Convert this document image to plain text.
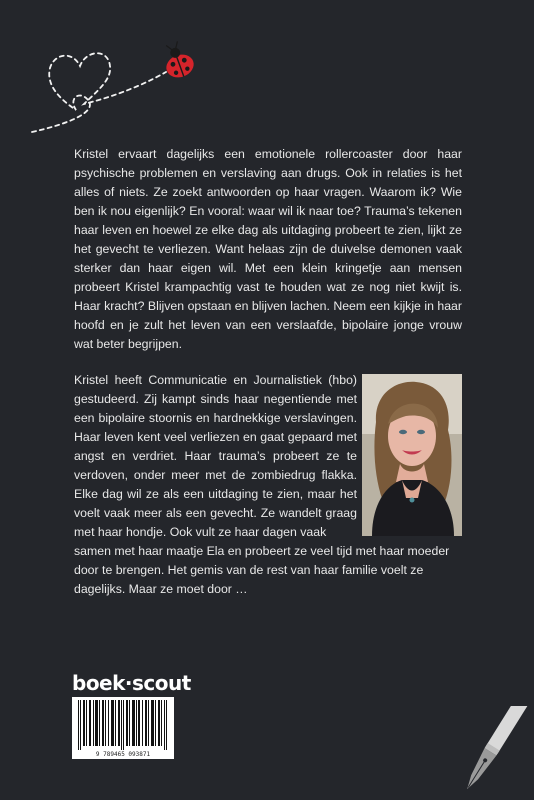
Kristel ervaart dagelijks een emotionele rollercoaster door haar psychische problemen en verslaving aan drugs. Ook in relaties is het alles of niets. Ze zoekt antwoorden op haar vragen. Waarom ik? Wie ben ik nou eigenlijk? En vooral: waar wil ik naar toe? Trauma’s tekenen haar leven en hoewel ze elke dag als uitdaging probeert te zien, lijkt ze het gevecht te verliezen. Want helaas zijn de duivelse demonen vaak sterker dan haar eigen wil. Met een klein kringetje aan mensen probeert Kristel krampachtig vast te houden wat ze nog niet kwijt is. Haar kracht? Blijven opstaan en blijven lachen. Neem een kijkje in haar hoofd en je zult het leven van een verslaafde, bipolaire jonge vrouw wat beter begrijpen.

Kristel heeft Communicatie en Journalistiek (hbo) gestudeerd. Zij kampt sinds haar negentiende met een bipolaire stoornis en hardnekkige verslavingen. Haar leven kent veel verliezen en gaat gepaard met angst en verdriet. Haar trauma’s probeert ze te verdoven, onder meer met de zombiedrug flakka. Elke dag wil ze als een uitdaging te zien, maar het voelt vaak meer als een gevecht. Ze wandelt graag met haar hondje. Ook vult ze haar dagen vaak

samen met haar maatje Ela en probeert ze veel tijd met haar moeder door te brengen. Het gemis van de rest van haar familie voelt ze dagelijks. Maar ze moet door …

boek·scout
9 789465 093871
